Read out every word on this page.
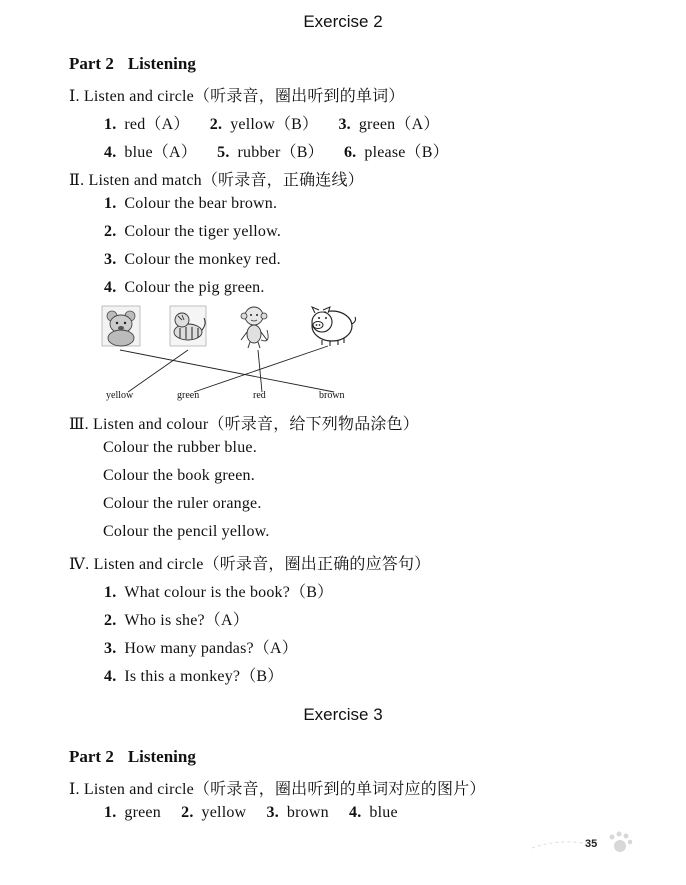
Exercise 2
Part 2 Listening
Ⅰ. Listen and circle（听录音，圈出听到的单词）
1. red（A） 2. yellow（B） 3. green（A）
4. blue（A） 5. rubber（B） 6. please（B）
Ⅱ. Listen and match（听录音，正确连线）
1. Colour the bear brown.
2. Colour the tiger yellow.
3. Colour the monkey red.
4. Colour the pig green.
yellow	green	red	brown
Ⅲ. Listen and colour（听录音，给下列物品涂色）
Colour the rubber blue.
Colour the book green.
Colour the ruler orange.
Colour the pencil yellow.
Ⅳ. Listen and circle（听录音，圈出正确的应答句）
1. What colour is the book?（B）
2. Who is she?（A）
3. How many pandas?（A）
4. Is this a monkey?（B）
Exercise 3
Part 2 Listening
Ⅰ. Listen and circle（听录音，圈出听到的单词对应的图片）
1. green 2. yellow 3. brown 4. blue
35
